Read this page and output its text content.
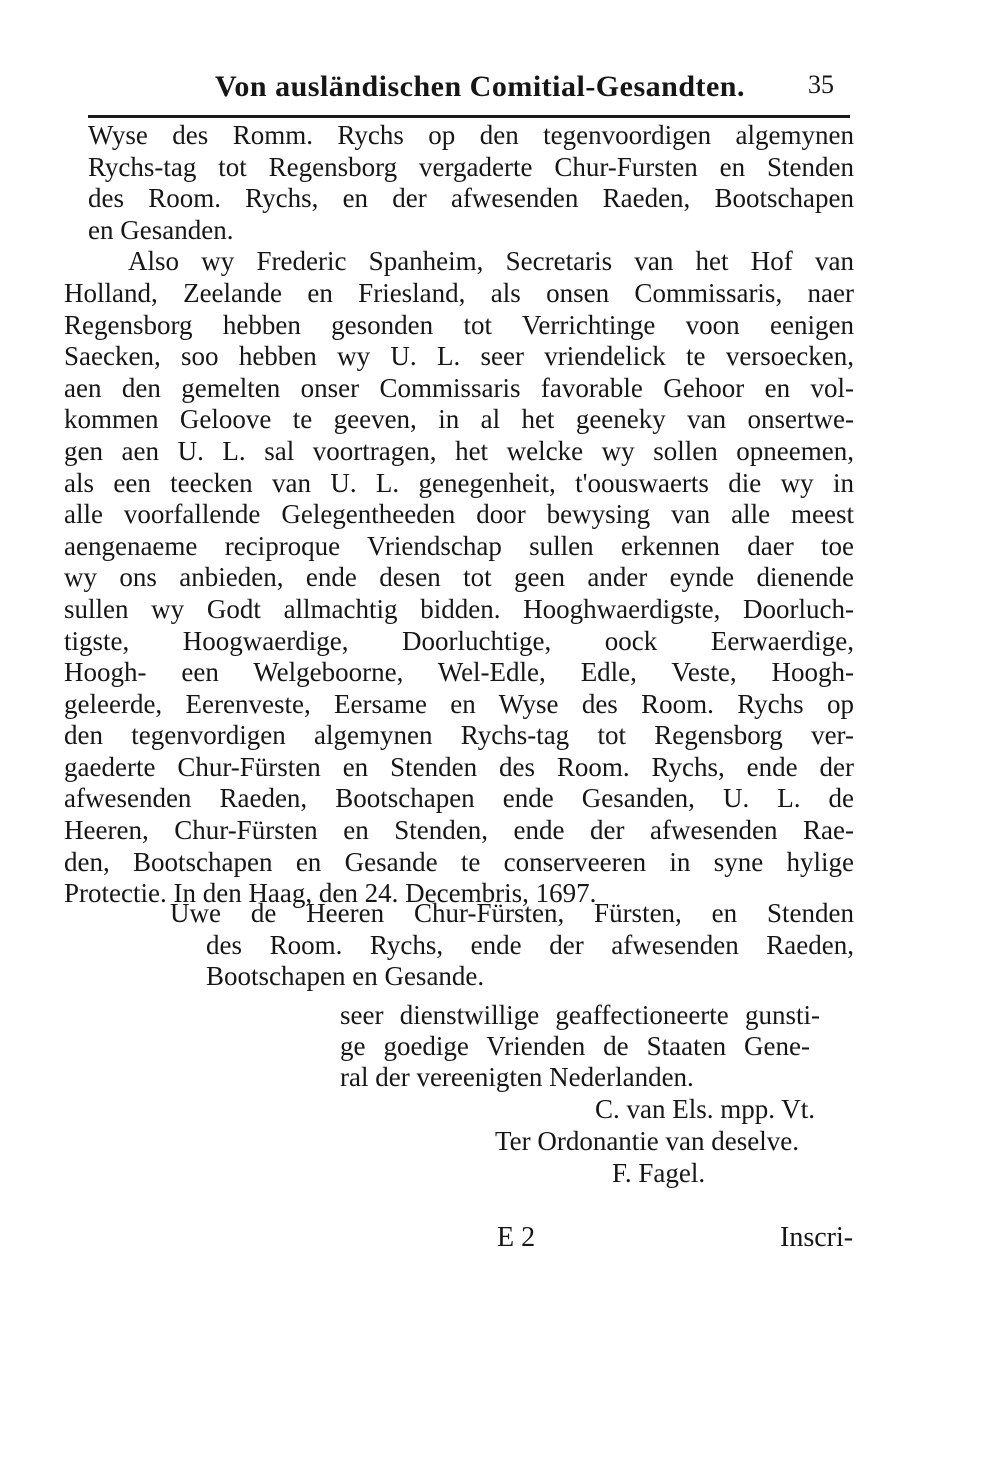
Von ausländischen Comitial-Gesandten. 35
Wyse des Romm. Rychs op den tegenvoordigen algemynen
Rychs-tag tot Regensborg vergaderte Chur-Fursten en Stenden
des Room. Rychs, en der afwesenden Raeden, Bootschapen
en Gesanden.
Also wy Frederic Spanheim, Secretaris van het Hof van
Holland, Zeelande en Friesland, als onsen Commissaris, naer
Regensborg hebben gesonden tot Verrichtinge voon eenigen
Saecken, soo hebben wy U. L. seer vriendelick te versoecken,
aen den gemelten onser Commissaris favorable Gehoor en vol-
kommen Geloove te geeven, in al het geeneky van onsertwe-
gen aen U. L. sal voortragen, het welcke wy sollen opneemen,
als een teecken van U. L. genegenheit, t'oouswaerts die wy in
alle voorfallende Gelegentheeden door bewysing van alle meest
aengenaeme reciproque Vriendschap sullen erkennen daer toe
wy ons anbieden, ende desen tot geen ander eynde dienende
sullen wy Godt allmachtig bidden. Hooghwaerdigste, Doorluch-
tigste, Hoogwaerdige, Doorluchtige, oock Eerwaerdige,
Hoogh- een Welgeboorne, Wel-Edle, Edle, Veste, Hoogh-
geleerde, Eerenveste, Eersame en Wyse des Room. Rychs op
den tegenvordigen algemynen Rychs-tag tot Regensborg ver-
gaederte Chur-Fürsten en Stenden des Room. Rychs, ende der
afwesenden Raeden, Bootschapen ende Gesanden, U. L. de
Heeren, Chur-Fürsten en Stenden, ende der afwesenden Rae-
den, Bootschapen en Gesande te conserveeren in syne hylige
Protectie. In den Haag, den 24. Decembris, 1697.
Uwe de Heeren Chur-Fürsten, Fürsten, en Stenden
des Room. Rychs, ende der afwesenden Raeden,
Bootschapen en Gesande.
seer dienstwillige geaffectioneerte gunsti-
ge goedige Vrienden de Staaten Gene-
ral der vereenigten Nederlanden.
C. van Els. mpp. Vt.
Ter Ordonantie van deselve.
F. Fagel.
E 2	Inscri-
